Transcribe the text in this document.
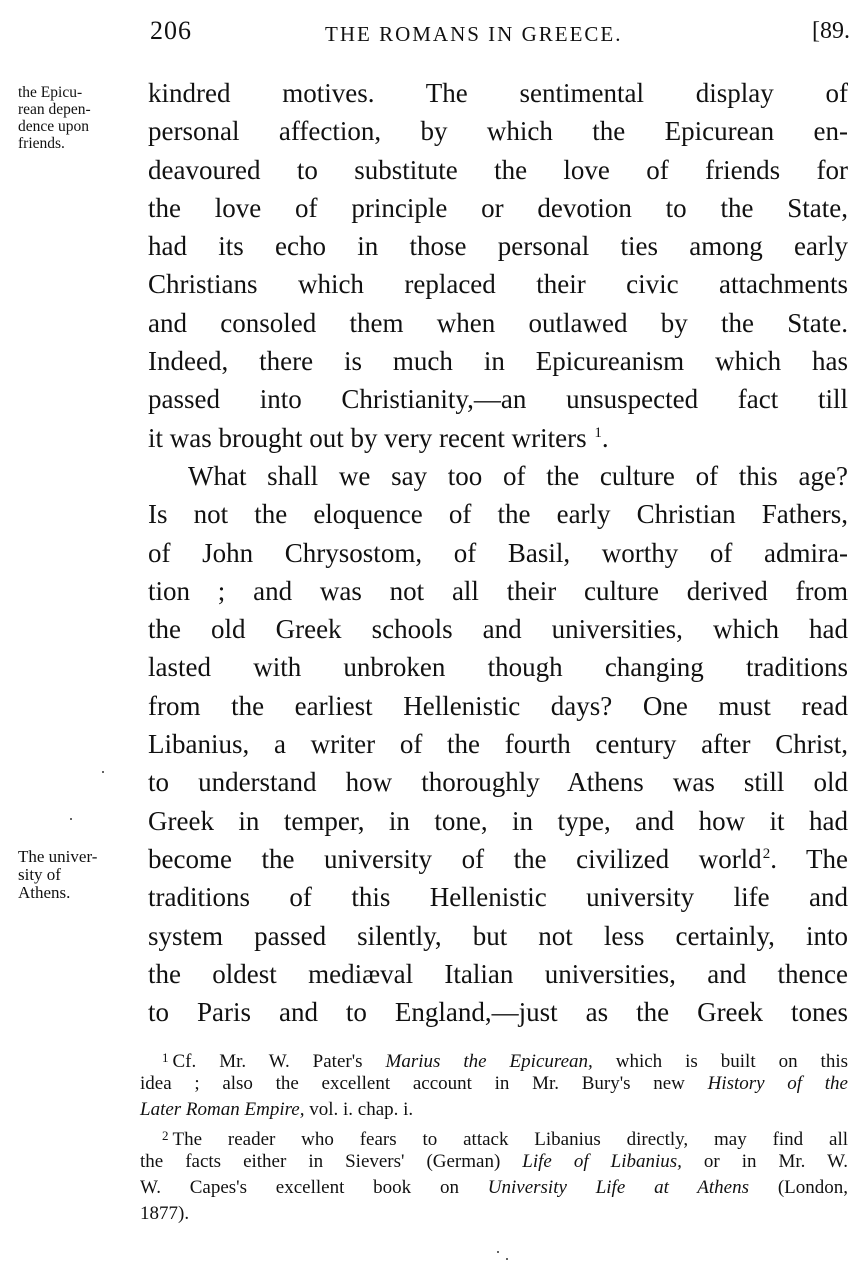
206	THE ROMANS IN GREECE.	[89.
the Epicu-
rean depen-
dence upon
friends.
The univer-
sity of
Athens.
kindred motives. The sentimental display of
personal affection, by which the Epicurean en-
deavoured to substitute the love of friends for
the love of principle or devotion to the State,
had its echo in those personal ties among early
Christians which replaced their civic attachments
and consoled them when outlawed by the State.
Indeed, there is much in Epicureanism which has
passed into Christianity,—an unsuspected fact till
it was brought out by very recent writers $^1$.
What shall we say too of the culture of this age?
Is not the eloquence of the early Christian Fathers,
of John Chrysostom, of Basil, worthy of admira-
tion ; and was not all their culture derived from
the old Greek schools and universities, which had
lasted with unbroken though changing traditions
from the earliest Hellenistic days? One must read
Libanius, a writer of the fourth century after Christ,
to understand how thoroughly Athens was still old
Greek in temper, in tone, in type, and how it had
become the university of the civilized world$^2$. The
traditions of this Hellenistic university life and
system passed silently, but not less certainly, into
the oldest mediæval Italian universities, and thence
to Paris and to England,—just as the Greek tones
$^1$ Cf. Mr. W. Pater's Marius the Epicurean, which is built on this
idea ; also the excellent account in Mr. Bury's new History of the
Later Roman Empire, vol. i. chap. i.
$^2$ The reader who fears to attack Libanius directly, may find all
the facts either in Sievers' (German) Life of Libanius, or in Mr. W.
W. Capes's excellent book on University Life at Athens (London,
1877).
